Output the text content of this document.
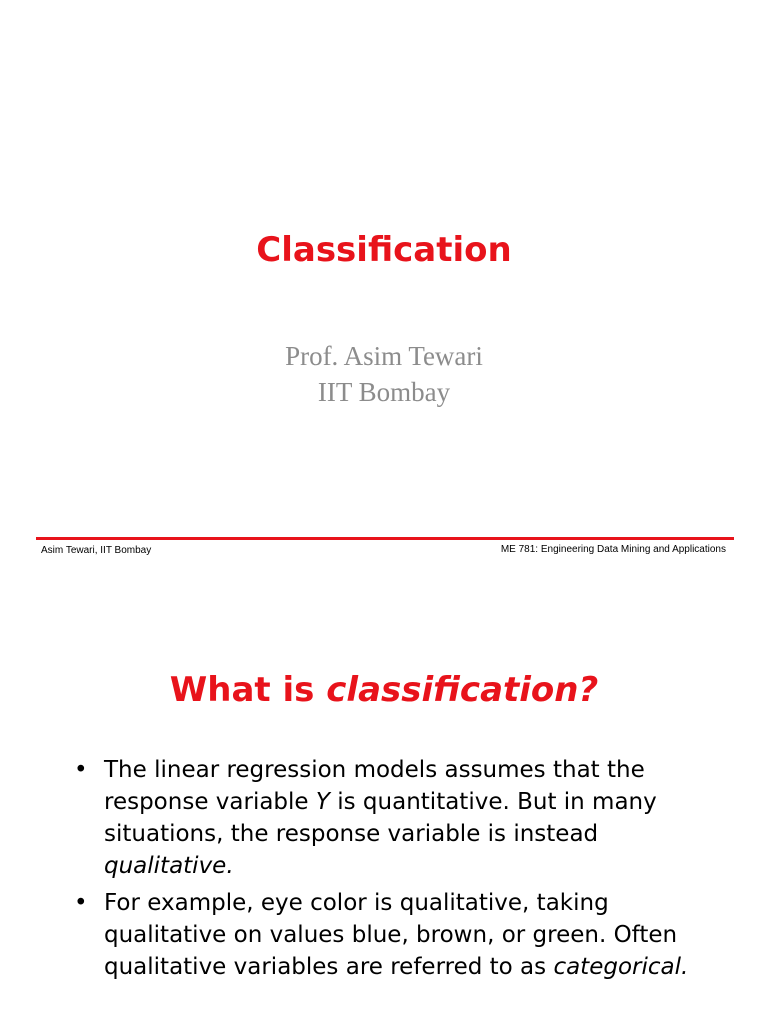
Classification
Prof. Asim Tewari
IIT Bombay
Asim Tewari, IIT Bombay	ME 781: Engineering Data Mining and Applications
What is classification?
• The linear regression models assumes that the response variable Y is quantitative. But in many situations, the response variable is instead qualitative.
• For example, eye color is qualitative, taking qualitative on values blue, brown, or green. Often qualitative variables are referred to as categorical.
